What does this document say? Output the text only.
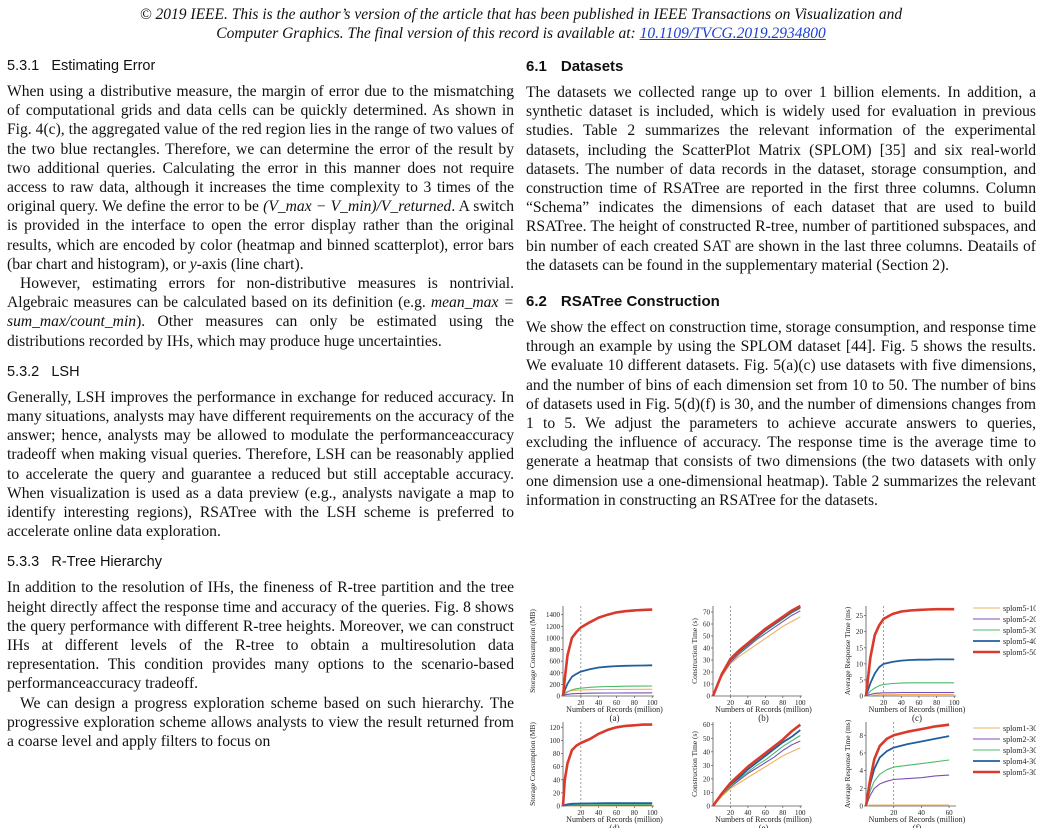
© 2019 IEEE. This is the author’s version of the article that has been published in IEEE Transactions on Visualization and
Computer Graphics. The final version of this record is available at: 10.1109/TVCG.2019.2934800
5.3.1 Estimating Error

When using a distributive measure, the margin of error due to the mismatching of computational grids and data cells can be quickly determined. As shown in Fig. 4(c), the aggregated value of the red region lies in the range of two values of the two blue rectangles. Therefore, we can determine the error of the result by two additional queries. Calculating the error in this manner does not require access to raw data, although it increases the time complexity to 3 times of the original query. We define the error to be (V_max − V_min)/V_returned. A switch is provided in the interface to open the error display rather than the original results, which are encoded by color (heatmap and binned scatterplot), error bars (bar chart and histogram), or y-axis (line chart).

However, estimating errors for non-distributive measures is nontrivial. Algebraic measures can be calculated based on its definition (e.g. mean_max = sum_max/count_min). Other measures can only be estimated using the distributions recorded by IHs, which may produce huge uncertainties.

5.3.2 LSH

Generally, LSH improves the performance in exchange for reduced accuracy. In many situations, analysts may have different requirements on the accuracy of the answer; hence, analysts may be allowed to modulate the performanceaccuracy tradeoff when making visual queries. Therefore, LSH can be reasonably applied to accelerate the query and guarantee a reduced but still acceptable accuracy. When visualization is used as a data preview (e.g., analysts navigate a map to identify interesting regions), RSATree with the LSH scheme is preferred to accelerate online data exploration.

5.3.3 R-Tree Hierarchy

In addition to the resolution of IHs, the fineness of R-tree partition and the tree height directly affect the response time and accuracy of the queries. Fig. 8 shows the query performance with different R-tree heights. Moreover, we can construct IHs at different levels of the R-tree to obtain a multiresolution data representation. This condition provides many options to the scenario-based performanceaccuracy tradeoff.

We can design a progress exploration scheme based on such hierarchy. The progressive exploration scheme allows analysts to view the result returned from a coarse level and apply filters to focus on

6.1 Datasets

The datasets we collected range up to over 1 billion elements. In addition, a synthetic dataset is included, which is widely used for evaluation in previous studies. Table 2 summarizes the relevant information of the experimental datasets, including the ScatterPlot Matrix (SPLOM) [35] and six real-world datasets. The number of data records in the dataset, storage consumption, and construction time of RSATree are reported in the first three columns. Column “Schema” indicates the dimensions of each dataset that are used to build RSATree. The height of constructed R-tree, number of partitioned subspaces, and bin number of each created SAT are shown in the last three columns. Deatails of the datasets can be found in the supplementary material (Section 2).

6.2 RSATree Construction

We show the effect on construction time, storage consumption, and response time through an example by using the SPLOM dataset [44]. Fig. 5 shows the results. We evaluate 10 different datasets. Fig. 5(a)(c) use datasets with five dimensions, and the number of bins of each dimension set from 10 to 50. The number of bins of datasets used in Fig. 5(d)(f) is 30, and the number of dimensions changes from 1 to 5. We adjust the parameters to achieve accurate answers to queries, excluding the influence of accuracy. The response time is the average time to generate a heatmap that consists of two dimensions (the two datasets with only one dimension use a one-dimensional heatmap). Table 2 summarizes the relevant information in constructing an RSATree for the datasets.

0
200
400
600
800
1000
1200
1400
20 40 60 80 100
Numbers of Records (million)
(a)
Storage Consumption (MB)
0
10
20
30
40
50
60
70
20 40 60 80 100
Numbers of Records (million)
(b)
Construction Time (s)
0
5
10
15
20
25
20 40 60 80 100
Numbers of Records (million)
(c)
Average Response Time (ms)
0
20
40
60
80
100
120
20 40 60 80 100
Numbers of Records (million)
(d)
Storage Consumption (MB)
0
10
20
30
40
50
60
20 40 60 80 100
Numbers of Records (million)
(e)
Construction Time (s)
0
2
4
6
8
20	40	60
Numbers of Records (million)
(f)
Average Response Time (ms)
splom5-10
splom5-20
splom5-30
splom5-40
splom5-50
splom1-30
splom2-30
splom3-30
splom4-30
splom5-30
